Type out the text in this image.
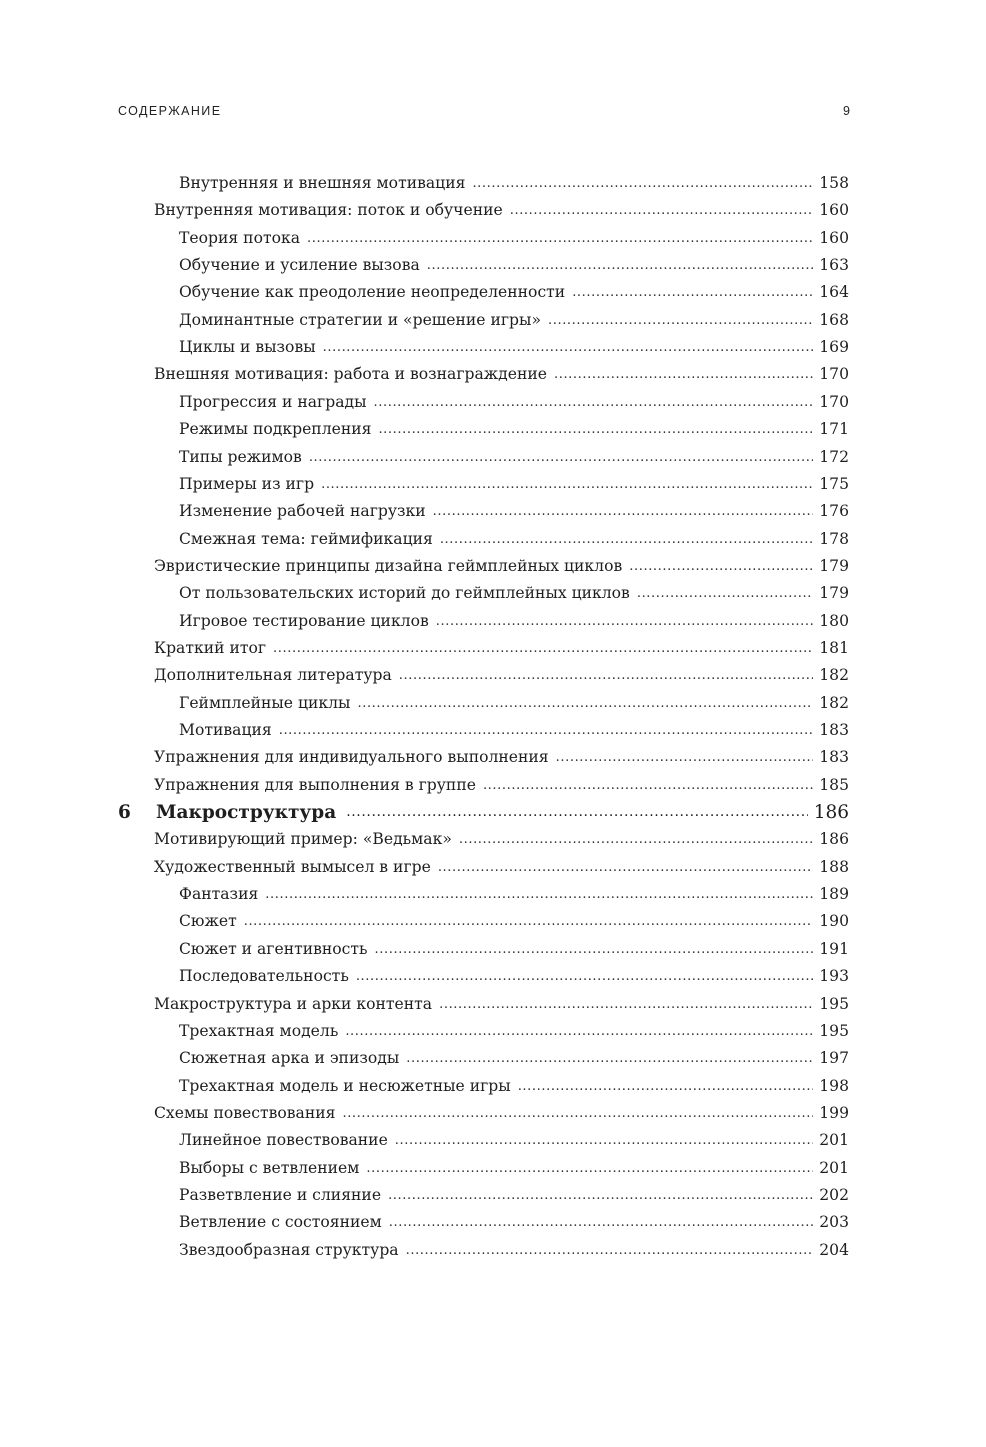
СОДЕРЖАНИЕ	9
Внутренняя и внешняя мотивация .....	158
Внутренняя мотивация: поток и обучение .....	160
Теория потока .....	160
Обучение и усиление вызова .....	163
Обучение как преодоление неопределенности .....	164
Доминантные стратегии и «решение игры» .....	168
Циклы и вызовы .....	169
Внешняя мотивация: работа и вознаграждение .....	170
Прогрессия и награды .....	170
Режимы подкрепления .....	171
Типы режимов .....	172
Примеры из игр .....	175
Изменение рабочей нагрузки .....	176
Смежная тема: геймификация .....	178
Эвристические принципы дизайна геймплейных циклов .....	179
От пользовательских историй до геймплейных циклов .....	179
Игровое тестирование циклов .....	180
Краткий итог .....	181
Дополнительная литература .....	182
Геймплейные циклы .....	182
Мотивация .....	183
Упражнения для индивидуального выполнения .....	183
Упражнения для выполнения в группе .....	185
6	Макроструктура .....	186
Мотивирующий пример: «Ведьмак» .....	186
Художественный вымысел в игре .....	188
Фантазия .....	189
Сюжет .....	190
Сюжет и агентивность .....	191
Последовательность .....	193
Макроструктура и арки контента .....	195
Трехактная модель .....	195
Сюжетная арка и эпизоды .....	197
Трехактная модель и несюжетные игры .....	198
Схемы повествования .....	199
Линейное повествование .....	201
Выборы с ветвлением .....	201
Разветвление и слияние .....	202
Ветвление с состоянием .....	203
Звездообразная структура .....	204
